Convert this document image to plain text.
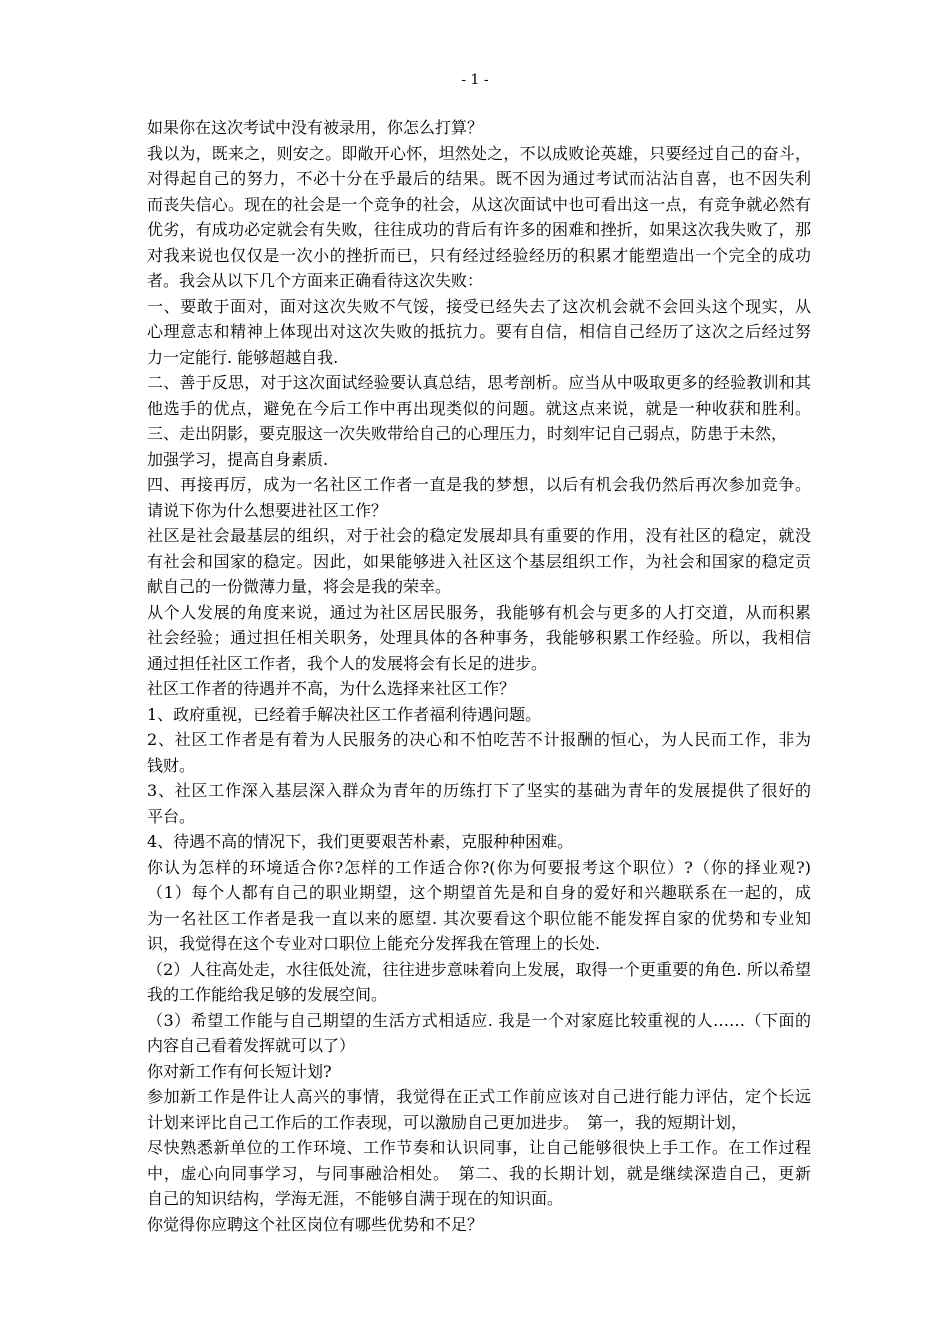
- 1 -
如果你在这次考试中没有被录用，你怎么打算？
我以为，既来之，则安之。即敞开心怀，坦然处之，不以成败论英雄，只要经过自己的奋斗，
对得起自己的努力，不必十分在乎最后的结果。既不因为通过考试而沾沾自喜，也不因失利
而丧失信心。现在的社会是一个竞争的社会，从这次面试中也可看出这一点，有竞争就必然有
优劣，有成功必定就会有失败，往往成功的背后有许多的困难和挫折，如果这次我失败了，那
对我来说也仅仅是一次小的挫折而已，只有经过经验经历的积累才能塑造出一个完全的成功
者。我会从以下几个方面来正确看待这次失败：
一、要敢于面对，面对这次失败不气馁，接受已经失去了这次机会就不会回头这个现实，从
心理意志和精神上体现出对这次失败的抵抗力。要有自信，相信自己经历了这次之后经过努
力一定能行. 能够超越自我.
二、善于反思，对于这次面试经验要认真总结，思考剖析。应当从中吸取更多的经验教训和其
他选手的优点，避免在今后工作中再出现类似的问题。就这点来说，就是一种收获和胜利。
三、走出阴影，要克服这一次失败带给自己的心理压力，时刻牢记自己弱点，防患于未然，
加强学习，提高自身素质.
四、再接再厉，成为一名社区工作者一直是我的梦想，以后有机会我仍然后再次参加竞争。
请说下你为什么想要进社区工作？
社区是社会最基层的组织，对于社会的稳定发展却具有重要的作用，没有社区的稳定，就没
有社会和国家的稳定。因此，如果能够进入社区这个基层组织工作，为社会和国家的稳定贡
献自己的一份微薄力量，将会是我的荣幸。
从个人发展的角度来说，通过为社区居民服务，我能够有机会与更多的人打交道，从而积累
社会经验；通过担任相关职务，处理具体的各种事务，我能够积累工作经验。所以，我相信
通过担任社区工作者，我个人的发展将会有长足的进步。
社区工作者的待遇并不高，为什么选择来社区工作？
1、政府重视，已经着手解决社区工作者福利待遇问题。
2、社区工作者是有着为人民服务的决心和不怕吃苦不计报酬的恒心，为人民而工作，非为
钱财。
3、社区工作深入基层深入群众为青年的历练打下了坚实的基础为青年的发展提供了很好的
平台。
4、待遇不高的情况下，我们更要艰苦朴素，克服种种困难。
你认为怎样的环境适合你?怎样的工作适合你?(你为何要报考这个职位）?（你的择业观?)
（1）每个人都有自己的职业期望，这个期望首先是和自身的爱好和兴趣联系在一起的，成
为一名社区工作者是我一直以来的愿望. 其次要看这个职位能不能发挥自家的优势和专业知
识，我觉得在这个专业对口职位上能充分发挥我在管理上的长处.
（2）人往高处走，水往低处流，往往进步意味着向上发展，取得一个更重要的角色. 所以希望
我的工作能给我足够的发展空间。
（3）希望工作能与自己期望的生活方式相适应. 我是一个对家庭比较重视的人……（下面的
内容自己看着发挥就可以了）
你对新工作有何长短计划?
参加新工作是件让人高兴的事情，我觉得在正式工作前应该对自己进行能力评估，定个长远
计划来评比自己工作后的工作表现，可以激励自己更加进步。　第一，我的短期计划，
尽快熟悉新单位的工作环境、工作节奏和认识同事，让自己能够很快上手工作。在工作过程
中，虚心向同事学习，与同事融洽相处。　第二、我的长期计划，就是继续深造自己，更新
自己的知识结构，学海无涯，不能够自满于现在的知识面。
你觉得你应聘这个社区岗位有哪些优势和不足？
